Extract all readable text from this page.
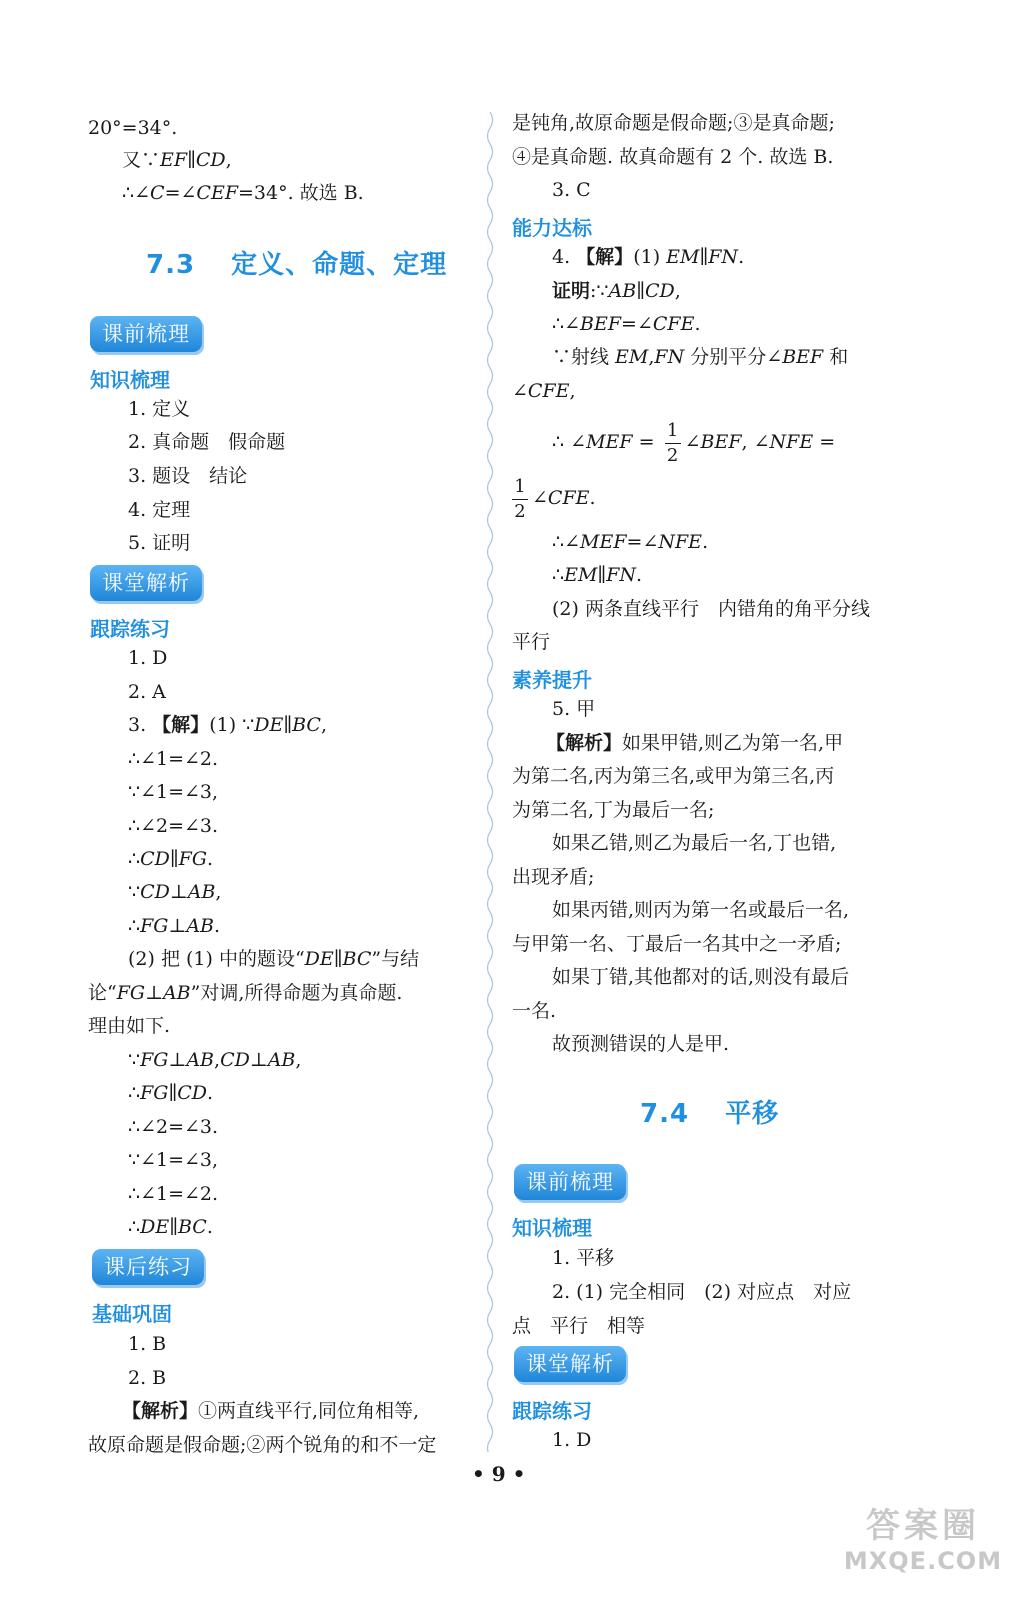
20°=34°.
又∵EF∥CD,
∴∠C=∠CEF=34°. 故选 B.
7.3 定义、命题、定理
课前梳理
知识梳理
1. 定义
2. 真命题　假命题
3. 题设　结论
4. 定理
5. 证明
课堂解析
跟踪练习
1. D
2. A
3. 【解】(1) ∵DE∥BC,
∴∠1=∠2.
∵∠1=∠3,
∴∠2=∠3.
∴CD∥FG.
∵CD⊥AB,
∴FG⊥AB.
(2) 把 (1) 中的题设“DE∥BC”与结
论“FG⊥AB”对调,所得命题为真命题.
理由如下.
∵FG⊥AB,CD⊥AB,
∴FG∥CD.
∴∠2=∠3.
∵∠1=∠3,
∴∠1=∠2.
∴DE∥BC.
课后练习
基础巩固
1. B
2. B
【解析】①两直线平行,同位角相等,
故原命题是假命题;②两个锐角的和不一定
是钝角,故原命题是假命题;③是真命题;
④是真命题. 故真命题有 2 个. 故选 B.
3. C
能力达标
4. 【解】(1) EM∥FN.
证明:∵AB∥CD,
∴∠BEF=∠CFE.
∵射线 EM,FN 分别平分∠BEF 和
∠CFE,
∴ ∠MEF = $\frac{1}{2}$ ∠BEF, ∠NFE =
$\frac{1}{2}$ ∠CFE.
∴∠MEF=∠NFE.
∴EM∥FN.
(2) 两条直线平行　内错角的角平分线
平行
素养提升
5. 甲
【解析】如果甲错,则乙为第一名,甲
为第二名,丙为第三名,或甲为第三名,丙
为第二名,丁为最后一名;
如果乙错,则乙为最后一名,丁也错,
出现矛盾;
如果丙错,则丙为第一名或最后一名,
与甲第一名、丁最后一名其中之一矛盾;
如果丁错,其他都对的话,则没有最后
一名.
故预测错误的人是甲.
7.4 平移
课前梳理
知识梳理
1. 平移
2. (1) 完全相同　(2) 对应点　对应
点　平行　相等
课堂解析
跟踪练习
1. D
• 9 •
答案圈
MXQE.COM
